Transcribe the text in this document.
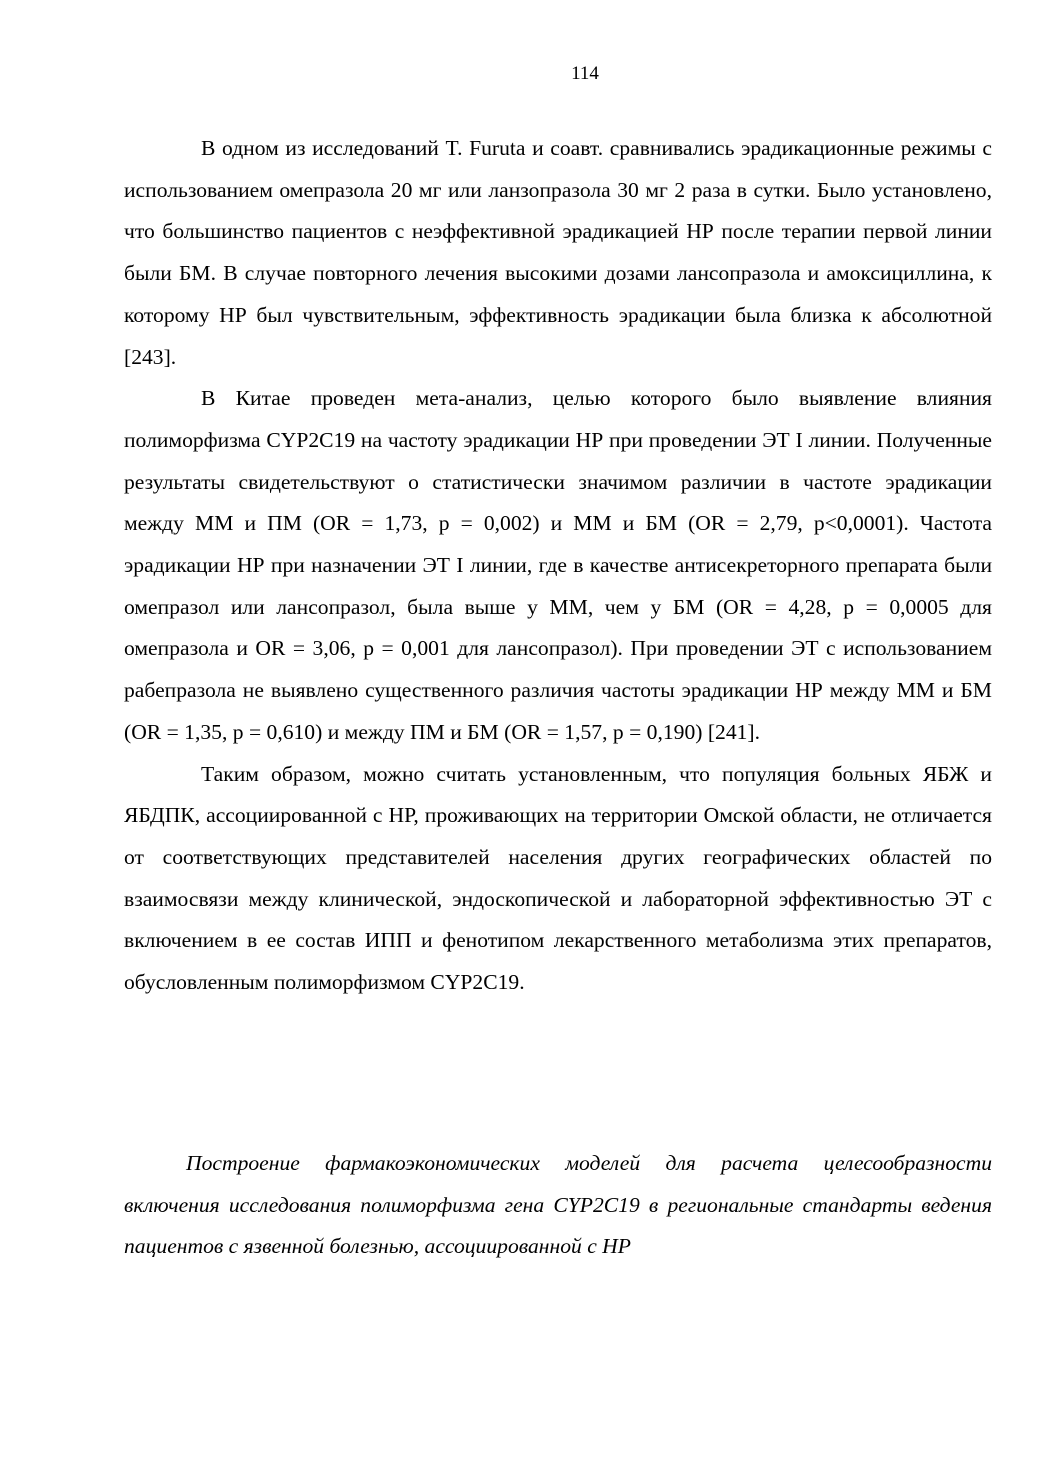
114

В одном из исследований T. Furuta и соавт. сравнивались эрадикационные режимы с использованием омепразола 20 мг или ланзопразола 30 мг 2 раза в сутки. Было установлено, что большинство пациентов с неэффективной эрадикацией НР после терапии первой линии были БМ. В случае повторного лечения высокими дозами лансопразола и амоксициллина, к которому НР был чувствительным, эффективность эрадикации была близка к абсолютной [243].

В Китае проведен мета-анализ, целью которого было выявление влияния полиморфизма CYP2C19 на частоту эрадикации НР при проведении ЭТ I линии. Полученные результаты свидетельствуют о статистически значимом различии в частоте эрадикации между ММ и ПМ (OR = 1,73, p = 0,002) и ММ и БМ (OR = 2,79, p<0,0001). Частота эрадикации НР при назначении ЭТ I линии, где в качестве антисекреторного препарата были омепразол или лансопразол, была выше у ММ, чем у БМ (OR = 4,28, p = 0,0005 для омепразола и OR = 3,06, p = 0,001 для лансопразол). При проведении ЭТ с использованием рабепразола не выявлено существенного различия частоты эрадикации НР между ММ и БМ (OR = 1,35, p = 0,610) и между ПМ и БМ (OR = 1,57, p = 0,190) [241].

Таким образом, можно считать установленным, что популяция больных ЯБЖ и ЯБДПК, ассоциированной с НР, проживающих на территории Омской области, не отличается от соответствующих представителей населения других географических областей по взаимосвязи между клинической, эндоскопической и лабораторной эффективностью ЭТ с включением в ее состав ИПП и фенотипом лекарственного метаболизма этих препаратов, обусловленным полиморфизмом CYP2C19.

Построение фармакоэкономических моделей для расчета целесообразности включения исследования полиморфизма гена CYP2C19 в региональные стандарты ведения пациентов с язвенной болезнью, ассоциированной с НР
